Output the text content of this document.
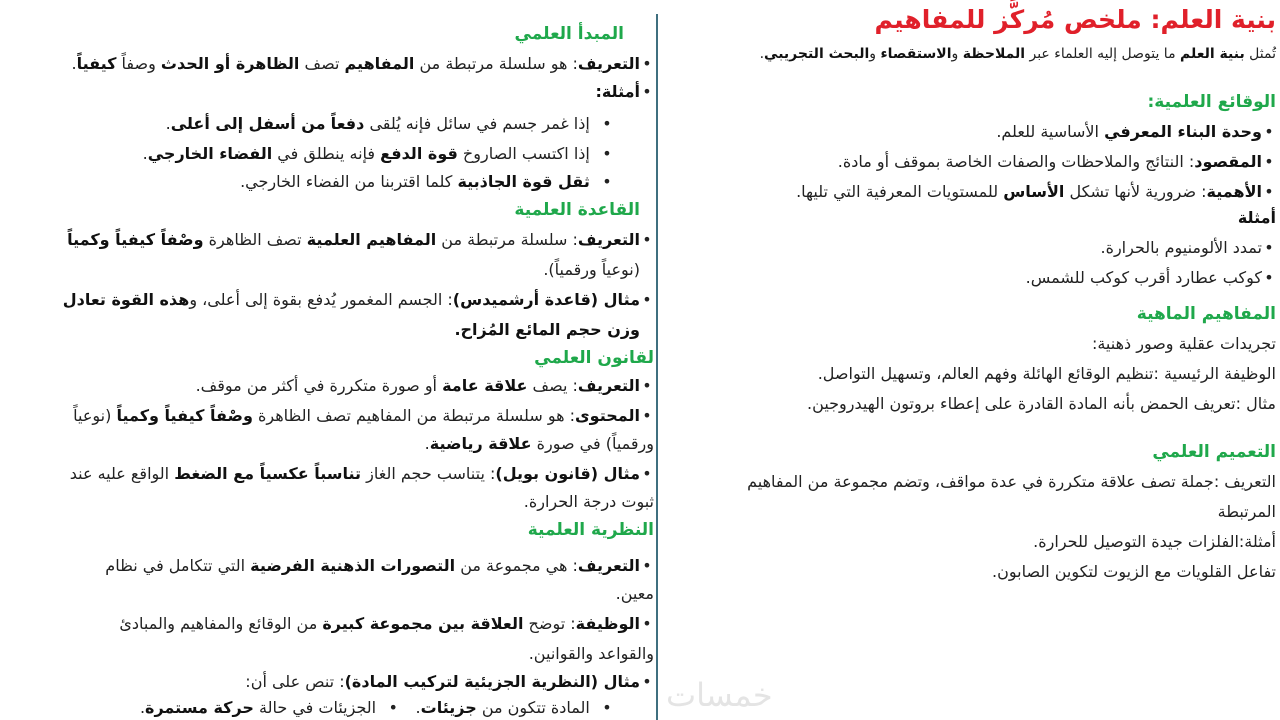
بنية العلم: ملخص مُركَّز للمفاهيم
تُمثل بنية العلم ما يتوصل إليه العلماء عبر الملاحظة والاستقصاء والبحث التجريبي.
الوقائع العلمية:
•وحدة البناء المعرفي الأساسية للعلم.
•المقصود: النتائج والملاحظات والصفات الخاصة بموقف أو مادة.
•الأهمية: ضرورية لأنها تشكل الأساس للمستويات المعرفية التي تليها.
أمثلة
•تمدد الألومنيوم بالحرارة.
•كوكب عطارد أقرب كوكب للشمس.
المفاهيم الماهية
تجريدات عقلية وصور ذهنية:
الوظيفة الرئيسية :تنظيم الوقائع الهائلة وفهم العالم، وتسهيل التواصل.
مثال :تعريف الحمض بأنه المادة القادرة على إعطاء بروتون الهيدروجين.
التعميم العلمي
التعريف :جملة تصف علاقة متكررة في عدة مواقف، وتضم مجموعة من المفاهيم
المرتبطة
أمثلة:الفلزات جيدة التوصيل للحرارة.
تفاعل القلويات مع الزيوت لتكوين الصابون.
المبدأ العلمي
•التعريف: هو سلسلة مرتبطة من المفاهيم تصف الظاهرة أو الحدث وصفاً كيفياً.
•أمثلة:
•  إذا غمر جسم في سائل فإنه يُلقى دفعاً من أسفل إلى أعلى.
•  إذا اكتسب الصاروخ قوة الدفع فإنه ينطلق في الفضاء الخارجي.
•  ثقل قوة الجاذبية كلما اقتربنا من الفضاء الخارجي.
القاعدة العلمية
•التعريف: سلسلة مرتبطة من المفاهيم العلمية تصف الظاهرة وصْفاً كيفياً وكمياً
(نوعياً ورقمياً).
•مثال (قاعدة أرشميدس): الجسم المغمور يُدفع بقوة إلى أعلى، وهذه القوة تعادل
وزن حجم المائع المُزاح.
لقانون العلمي
•التعريف: يصف علاقة عامة أو صورة متكررة في أكثر من موقف.
•المحتوى: هو سلسلة مرتبطة من المفاهيم تصف الظاهرة وصْفاً كيفياً وكمياً (نوعياً
ورقمياً) في صورة علاقة رياضية.
•مثال (قانون بويل): يتناسب حجم الغاز تناسباً عكسياً مع الضغط الواقع عليه عند
ثبوت درجة الحرارة.
النظرية العلمية
•التعريف: هي مجموعة من التصورات الذهنية الفرضية التي تتكامل في نظام
معين.
•الوظيفة: توضح العلاقة بين مجموعة كبيرة من الوقائع والمفاهيم والمبادئ
والقواعد والقوانين.
•مثال (النظرية الجزيئية لتركيب المادة): تنص على أن:
•  المادة تتكون من جزيئات.   •  الجزيئات في حالة حركة مستمرة.	خمسات
